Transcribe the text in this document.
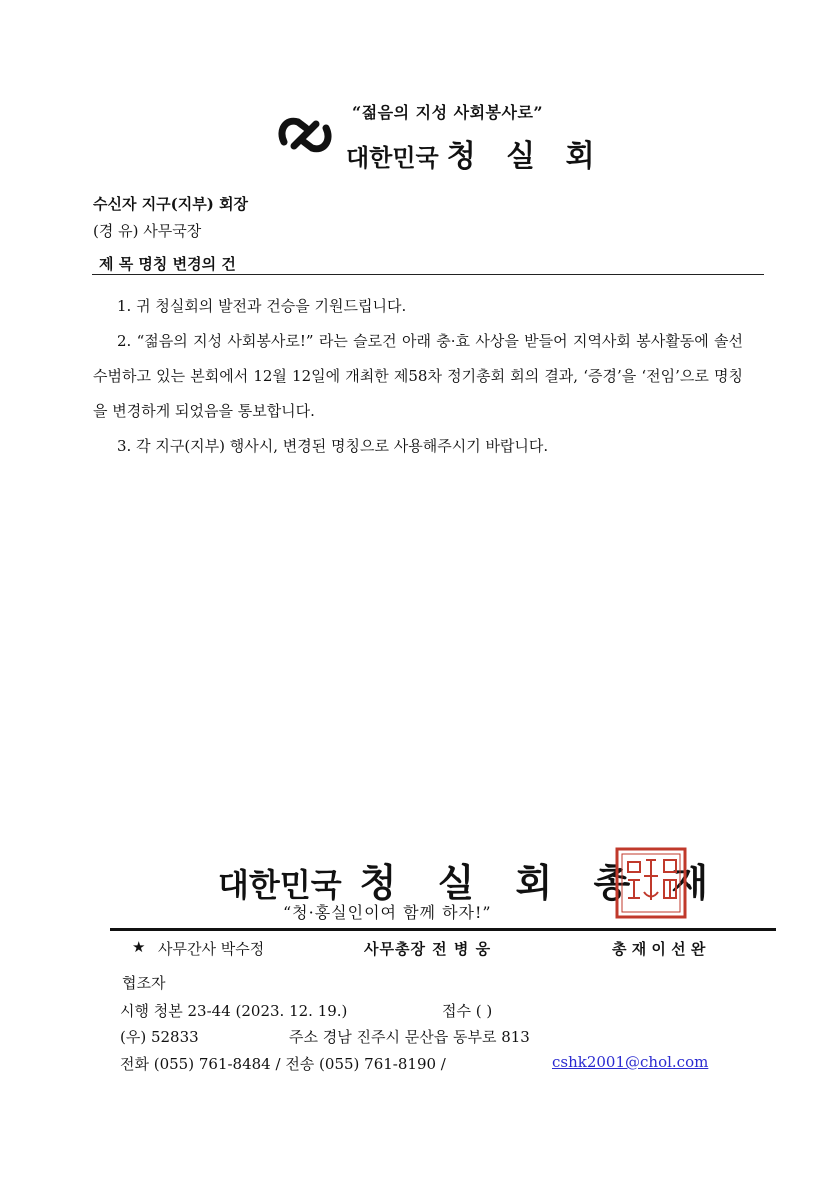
“젊음의 지성 사회봉사로”
대한민국 청 실 회
수신자 지구(지부) 회장
(경 유) 사무국장
제 목 명칭 변경의 건

1. 귀 청실회의 발전과 건승을 기원드립니다.

2. “젊음의 지성 사회봉사로!” 라는 슬로건 아래 충·효 사상을 받들어 지역사회 봉사활동에 솔선수범하고 있는 본회에서 12월 12일에 개최한 제58차 정기총회 회의 결과, ‘증경’을 ‘전임’으로 명칭을 변경하게 되었음을 통보합니다.

3. 각 지구(지부) 행사시, 변경된 명칭으로 사용해주시기 바랍니다.

대한민국 청 실 회 총 재
“청·홍실인이여 함께 하자!”
★ 사무간사 박수정	사무총장 전 병 웅	총 재 이 선 완
협조자
시행 청본 23-44 (2023. 12. 19.)	접수 ( )
(우) 52833	주소 경남 진주시 문산읍 동부로 813
전화 (055) 761-8484 / 전송 (055) 761-8190 /	cshk2001@chol.com
